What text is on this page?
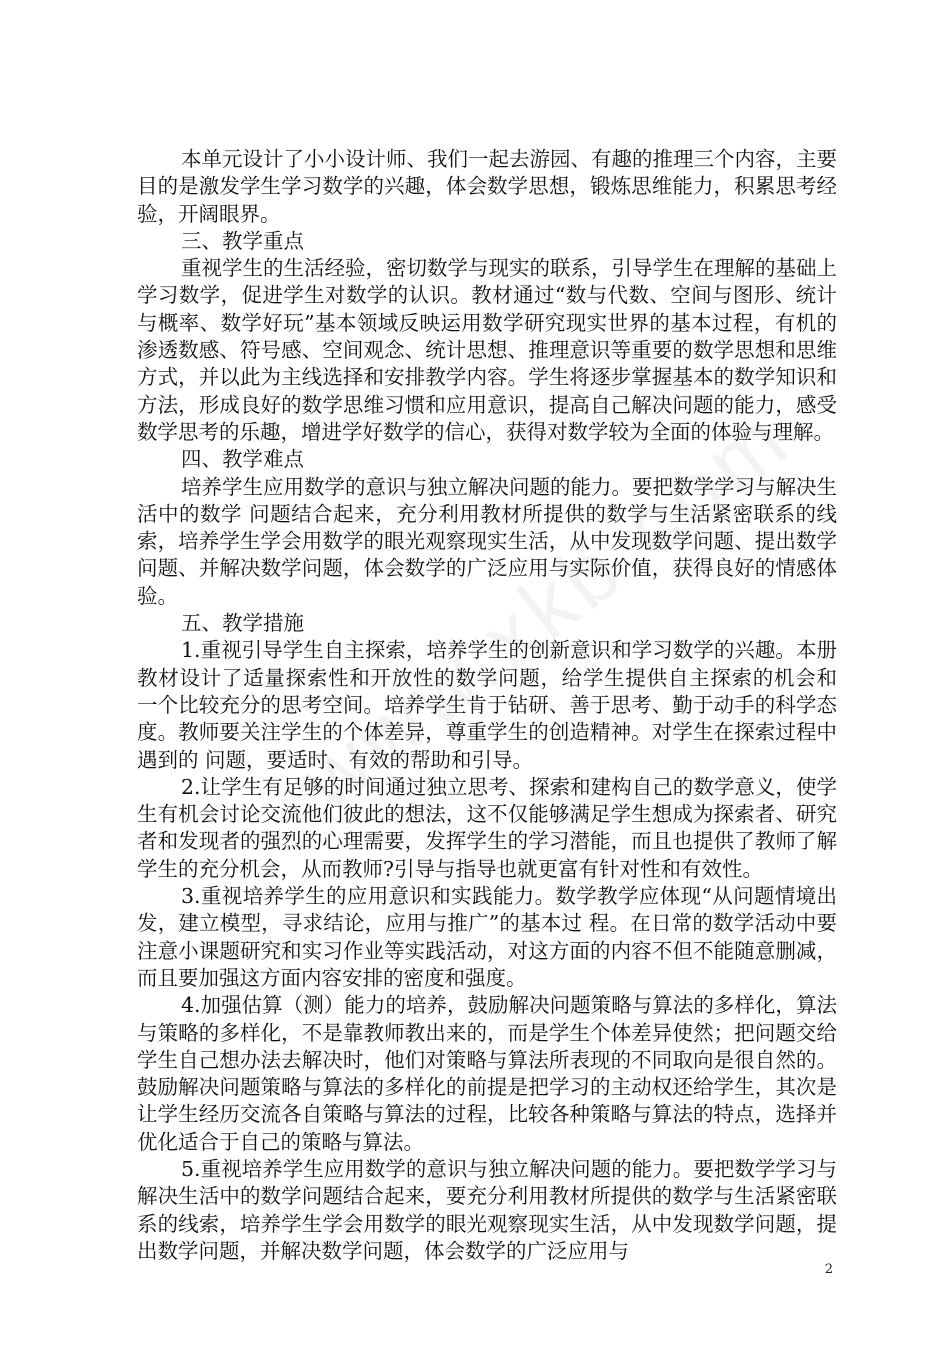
本单元设计了小小设计师、我们一起去游园、有趣的推理三个内容，主要目的是激发学生学习数学的兴趣，体会数学思想，锻炼思维能力，积累思考经验，开阔眼界。

三、教学重点

重视学生的生活经验，密切数学与现实的联系，引导学生在理解的基础上学习数学，促进学生对数学的认识。教材通过“数与代数、空间与图形、统计与概率、数学好玩”基本领域反映运用数学研究现实世界的基本过程，有机的渗透数感、符号感、空间观念、统计思想、推理意识等重要的数学思想和思维方式，并以此为主线选择和安排教学内容。学生将逐步掌握基本的数学知识和方法，形成良好的数学思维习惯和应用意识，提高自己解决问题的能力，感受数学思考的乐趣，增进学好数学的信心，获得对数学较为全面的体验与理解。

四、教学难点

培养学生应用数学的意识与独立解决问题的能力。要把数学学习与解决生活中的数学 问题结合起来，充分利用教材所提供的数学与生活紧密联系的线索，培养学生学会用数学的眼光观察现实生活，从中发现数学问题、提出数学问题、并解决数学问题，体会数学的广泛应用与实际价值，获得良好的情感体验。

五、教学措施

1.重视引导学生自主探索，培养学生的创新意识和学习数学的兴趣。本册教材设计了适量探索性和开放性的数学问题，给学生提供自主探索的机会和 一个比较充分的思考空间。培养学生肯于钻研、善于思考、勤于动手的科学态度。教师要关注学生的个体差异，尊重学生的创造精神。对学生在探索过程中遇到的 问题，要适时、有效的帮助和引导。

2.让学生有足够的时间通过独立思考、探索和建构自己的数学意义，使学生有机会讨论交流他们彼此的想法，这不仅能够满足学生想成为探索者、研究者和发现者的强烈的心理需要，发挥学生的学习潜能，而且也提供了教师了解学生的充分机会，从而教师?引导与指导也就更富有针对性和有效性。

3.重视培养学生的应用意识和实践能力。数学教学应体现“从问题情境出发，建立模型，寻求结论，应用与推广”的基本过 程。在日常的数学活动中要注意小课题研究和实习作业等实践活动，对这方面的内容不但不能随意删减，而且要加强这方面内容安排的密度和强度。

4.加强估算（测）能力的培养，鼓励解决问题策略与算法的多样化，算法与策略的多样化，不是靠教师教出来的，而是学生个体差异使然；把问题交给学生自己想办法去解决时，他们对策略与算法所表现的不同取向是很自然的。鼓励解决问题策略与算法的多样化的前提是把学习的主动权还给学生，其次是让学生经历交流各自策略与算法的过程，比较各种策略与算法的特点，选择并优化适合于自己的策略与算法。

5.重视培养学生应用数学的意识与独立解决问题的能力。要把数学学习与解决生活中的数学问题结合起来，要充分利用教材所提供的数学与生活紧密联系的线索，培养学生学会用数学的眼光观察现实生活，从中发现数学问题，提出数学问题，并解决数学问题，体会数学的广泛应用与

2
